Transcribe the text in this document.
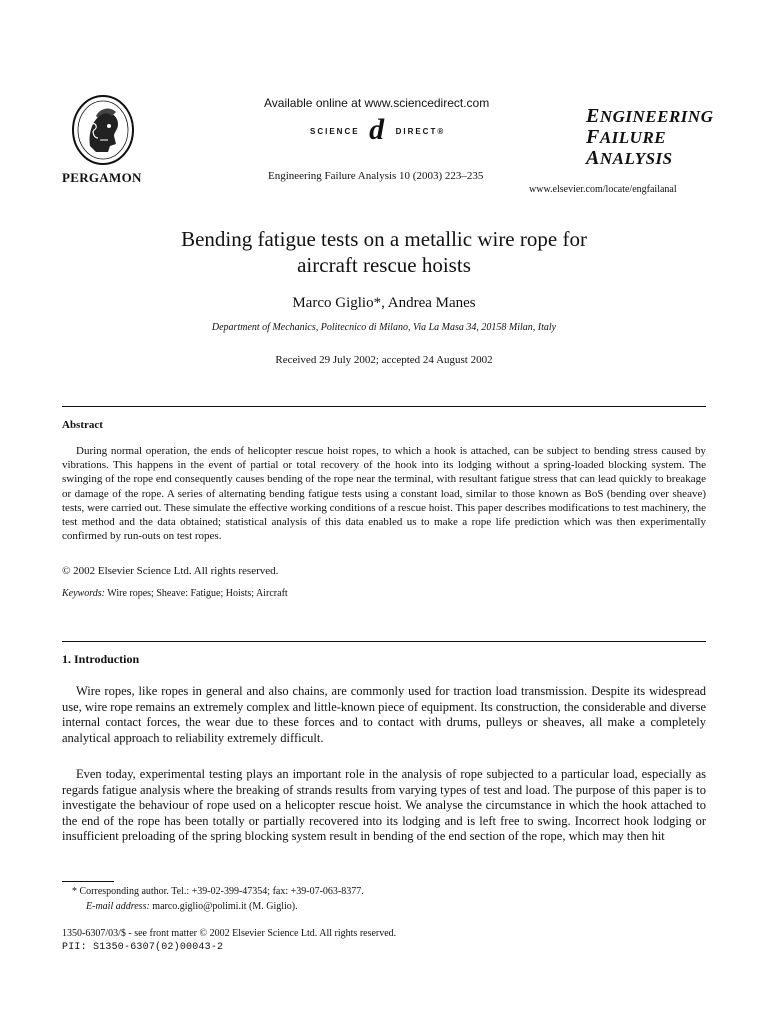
PERGAMON
Available online at www.sciencedirect.com
SCIENCE d	DIRECT®
Engineering Failure Analysis 10 (2003) 223–235
ENGINEERING
FAILURE
ANALYSIS
www.elsevier.com/locate/engfailanal
Bending fatigue tests on a metallic wire rope for
aircraft rescue hoists
Marco Giglio*, Andrea Manes
Department of Mechanics, Politecnico di Milano, Via La Masa 34, 20158 Milan, Italy
Received 29 July 2002; accepted 24 August 2002
Abstract
During normal operation, the ends of helicopter rescue hoist ropes, to which a hook is attached, can be subject to bending stress caused by vibrations. This happens in the event of partial or total recovery of the hook into its lodging without a spring-loaded blocking system. The swinging of the rope end consequently causes bending of the rope near the terminal, with resultant fatigue stress that can lead quickly to breakage or damage of the rope. A series of alternating bending fatigue tests using a constant load, similar to those known as BoS (bending over sheave) tests, were carried out. These simulate the effective working conditions of a rescue hoist. This paper describes modifications to test machinery, the test method and the data obtained; statistical analysis of this data enabled us to make a rope life prediction which was then experimentally confirmed by run-outs on test ropes.
© 2002 Elsevier Science Ltd. All rights reserved.
Keywords: Wire ropes; Sheave: Fatigue; Hoists; Aircraft
1. Introduction
Wire ropes, like ropes in general and also chains, are commonly used for traction load transmission. Despite its widespread use, wire rope remains an extremely complex and little-known piece of equipment. Its construction, the considerable and diverse internal contact forces, the wear due to these forces and to contact with drums, pulleys or sheaves, all make a completely analytical approach to reliability extremely difficult.
Even today, experimental testing plays an important role in the analysis of rope subjected to a particular load, especially as regards fatigue analysis where the breaking of strands results from varying types of test and load. The purpose of this paper is to investigate the behaviour of rope used on a helicopter rescue hoist. We analyse the circumstance in which the hook attached to the end of the rope has been totally or partially recovered into its lodging and is left free to swing. Incorrect hook lodging or insufficient preloading of the spring blocking system result in bending of the end section of the rope, which may then hit
* Corresponding author. Tel.: +39-02-399-47354; fax: +39-07-063-8377.
E-mail address: marco.giglio@polimi.it (M. Giglio).
1350-6307/03/$ - see front matter © 2002 Elsevier Science Ltd. All rights reserved.
PII: S1350-6307(02)00043-2
